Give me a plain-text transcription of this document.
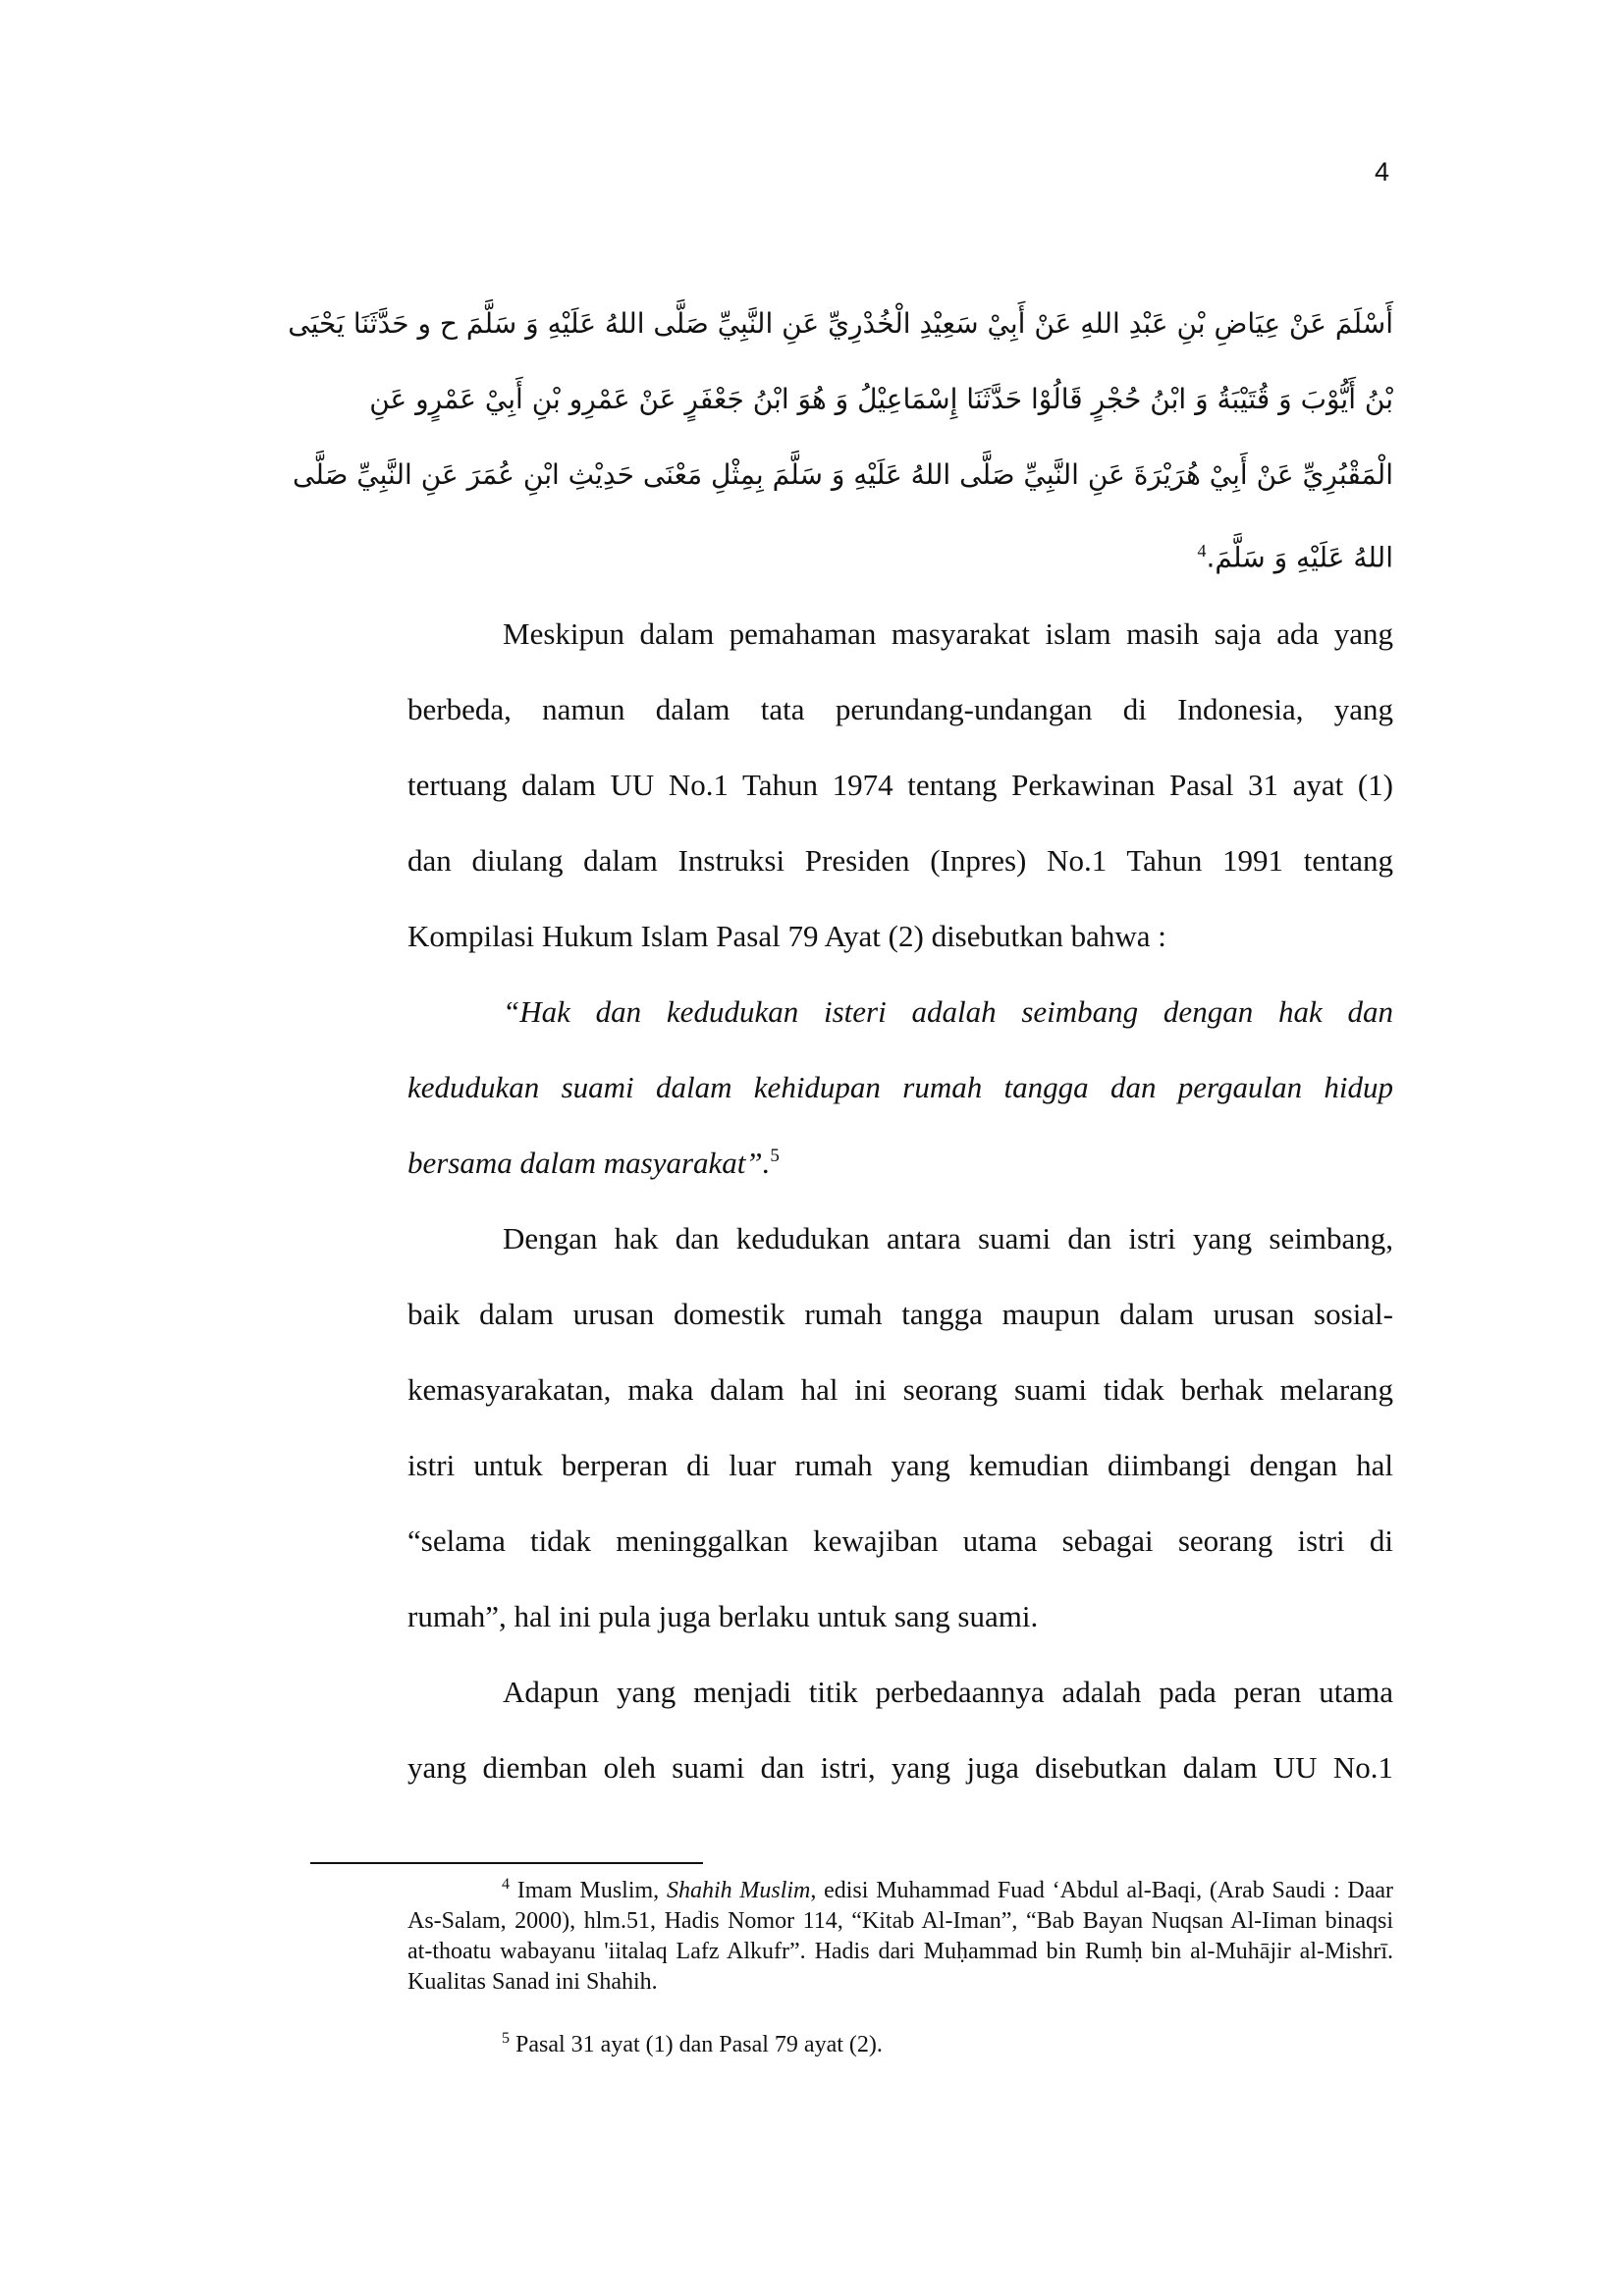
4
أَسْلَمَ عَنْ عِيَاضِ بْنِ عَبْدِ اللهِ عَنْ أَبِيْ سَعِيْدِ الْخُدْرِيِّ عَنِ النَّبِيِّ صَلَّى اللهُ عَلَيْهِ وَ سَلَّمَ ح و حَدَّثَنَا يَحْيَى
بْنُ أَيُّوْبَ وَ قُتَيْبَةُ وَ ابْنُ حُجْرٍ قَالُوْا حَدَّثَنَا إِسْمَاعِيْلُ وَ هُوَ ابْنُ جَعْفَرٍ عَنْ عَمْرِو بْنِ أَبِيْ عَمْرٍو عَنِ
الْمَقْبُرِيِّ عَنْ أَبِيْ هُرَيْرَةَ عَنِ النَّبِيِّ صَلَّى اللهُ عَلَيْهِ وَ سَلَّمَ بِمِثْلِ مَعْنَى حَدِيْثِ ابْنِ عُمَرَ عَنِ النَّبِيِّ صَلَّى
اللهُ عَلَيْهِ وَ سَلَّمَ.$^4$
Meskipun dalam pemahaman masyarakat islam masih saja ada yang
berbeda, namun dalam tata perundang-undangan di Indonesia, yang
tertuang dalam UU No.1 Tahun 1974 tentang Perkawinan Pasal 31 ayat (1)
dan diulang dalam Instruksi Presiden (Inpres) No.1 Tahun 1991 tentang
Kompilasi Hukum Islam Pasal 79 Ayat (2) disebutkan bahwa :
“Hak dan kedudukan isteri adalah seimbang dengan hak dan
kedudukan suami dalam kehidupan rumah tangga dan pergaulan hidup
bersama dalam masyarakat”.$^5$
Dengan hak dan kedudukan antara suami dan istri yang seimbang,
baik dalam urusan domestik rumah tangga maupun dalam urusan sosial-
kemasyarakatan, maka dalam hal ini seorang suami tidak berhak melarang
istri untuk berperan di luar rumah yang kemudian diimbangi dengan hal
“selama tidak meninggalkan kewajiban utama sebagai seorang istri di
rumah”, hal ini pula juga berlaku untuk sang suami.
Adapun yang menjadi titik perbedaannya adalah pada peran utama
yang diemban oleh suami dan istri, yang juga disebutkan dalam UU No.1
$^4$ Imam Muslim, Shahih Muslim, edisi Muhammad Fuad ‘Abdul al-Baqi, (Arab Saudi : Daar As-Salam, 2000), hlm.51, Hadis Nomor 114, “Kitab Al-Iman”, “Bab Bayan Nuqsan Al-Iiman binaqsi at-thoatu wabayanu 'iitalaq Lafz Alkufr”. Hadis dari Muḥammad bin Rumḥ bin al-Muhājir al-Mishrī. Kualitas Sanad ini Shahih.
$^5$ Pasal 31 ayat (1) dan Pasal 79 ayat (2).
